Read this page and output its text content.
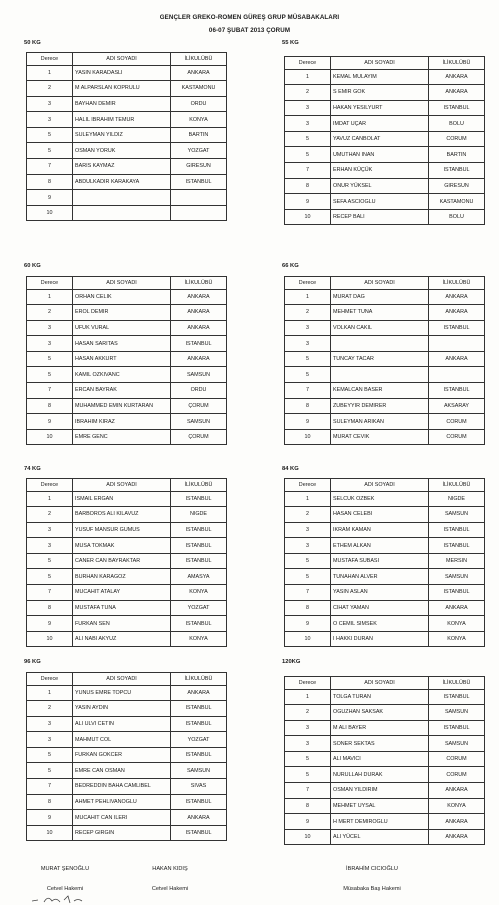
GENÇLER GREKO-ROMEN GÜREŞ GRUP MÜSABAKALARI
06-07 ŞUBAT 2013 ÇORUM
50 KG
Derece	ADI SOYADI	İLİKULÜBÜ
1	YASIN KARADASLI	ANKARA
2	M ALPARSLAN KOPRULU	KASTAMONU
3	BAYHAN DEMIR	ORDU
3	HALIL IBRAHIM TEMUR	KONYA
5	SULEYMAN YILDIZ	BARTIN
5	OSMAN YORUK	YOZGAT
7	BARIS KAYMAZ	GIRESUN
8	ABDULKADIR KARAKAYA	ISTANBUL
9		
10		
55 KG
Derece	ADI SOYADI	İLİKULÜBÜ
1	KEMAL MULAYIM	ANKARA
2	S EMIR GOK	ANKARA
3	HAKAN YESILYURT	ISTANBUL
3	IMDAT UÇAR	BOLU
5	YAVUZ CANBOLAT	CORUM
5	UMUTHAN INAN	BARTIN
7	ERHAN KÜÇÜK	ISTANBUL
8	ONUR YÜKSEL	GIRESUN
9	SEFA ASCIOGLU	KASTAMONU
10	RECEP BALI	BOLU
60 KG
Derece	ADI SOYADI	İLİKULÜBÜ
1	ORHAN CELIK	ANKARA
2	EROL DEMIR	ANKARA
3	UFUK VURAL	ANKARA
3	HASAN SARITAS	ISTANBUL
5	HASAN AKKURT	ANKARA
5	KAMIL OZKIVANC	SAMSUN
7	ERCAN BAYRAK	ORDU
8	MUHAMMED EMIN KURTARAN	ÇORUM
9	IBRAHIM KIRAZ	SAMSUN
10	EMRE GENC	ÇORUM
66 KG
Derece	ADI SOYADI	İLİKULÜBÜ
1	MURAT DAG	ANKARA
2	MEHMET TUNA	ANKARA
3	VOLKAN CAKIL	ISTANBUL
3		
5	TUNCAY TACAR	ANKARA
5		
7	KEMALCAN BASER	ISTANBUL
8	ZUBEYYIR DEMIRER	AKSARAY
9	SULEYMAN ARIKAN	CORUM
10	MURAT CEVIK	CORUM
74 KG
Derece	ADI SOYADI	İLİKULÜBÜ
1	ISMAIL ERGAN	ISTANBUL
2	BARBOROS ALI KILAVUZ	NIGDE
3	YUSUF MANSUR GUMUS	ISTANBUL
3	MUSA TOKMAK	ISTANBUL
5	CANER CAN BAYRAKTAR	ISTANBUL
5	BURHAN KARAGOZ	AMASYA
7	MUCAHIT ATALAY	KONYA
8	MUSTAFA TUNA	YOZGAT
9	FURKAN SEN	ISTANBUL
10	ALI NABI AKYUZ	KONYA
84 KG
Derece	ADI SOYADI	İLİKULÜBÜ
1	SELCUK OZBEK	NIGDE
2	HASAN CELEBI	SAMSUN
3	IKRAM KAMAN	ISTANBUL
3	ETHEM ALKAN	ISTANBUL
5	MUSTAFA SUBASI	MERSIN
5	TUNAHAN ALVER	SAMSUN
7	YASIN ASLAN	ISTANBUL
8	CIHAT YAMAN	ANKARA
9	O CEMIL SIMSEK	KONYA
10	I HAKKI DURAN	KONYA
96 KG
Derece	ADI SOYADI	İLİKULÜBÜ
1	YUNUS EMRE TOPCU	ANKARA
2	YASIN AYDIN	ISTANBUL
3	ALI ULVI CETIN	ISTANBUL
3	MAHMUT COL	YOZGAT
5	FURKAN GOKCER	ISTANBUL
5	EMRE CAN OSMAN	SAMSUN
7	BEDREDDIN BAHA CAMLIBEL	SIVAS
8	AHMET PEHLIVANOGLU	ISTANBUL
9	MUCAHIT CAN ILERI	ANKARA
10	RECEP GIRGIN	ISTANBUL
120KG
Derece	ADI SOYADI	İLİKULÜBÜ
1	TOLGA TURAN	ISTANBUL
2	OGUZHAN SAKSAK	SAMSUN
3	M ALI BAYER	ISTANBUL
3	SONER SEKTAS	SAMSUN
5	ALI MAVICI	CORUM
5	NURULLAH DURAK	CORUM
7	OSMAN YILDIRIM	ANKARA
8	MEHMET UYSAL	KONYA
9	H MERT DEMIROGLU	ANKARA
10	ALI YÜCEL	ANKARA
MURAT ŞENOĞLU
Cetvel Hakemi
HAKAN KIDIŞ
Cetvel Hakemi
İBRAHİM CICIOĞLU
Müsabaka Baş Hakemi
